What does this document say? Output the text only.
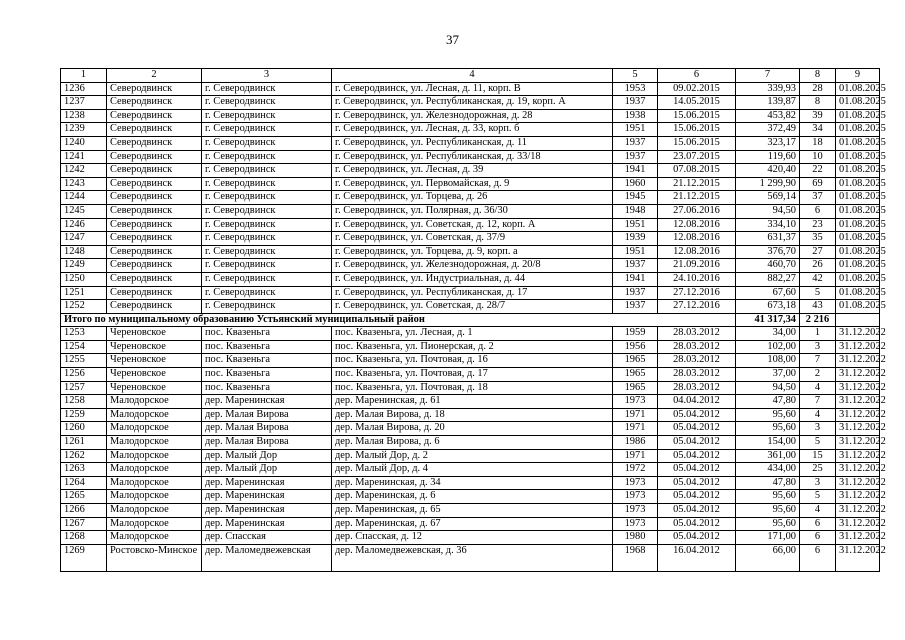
37
1	2	3	4	5	6	7	8	9
1236	Северодвинск	г. Северодвинск	г. Северодвинск, ул. Лесная, д. 11, корп. В	1953	09.02.2015	339,93	28	01.08.2025
1237	Северодвинск	г. Северодвинск	г. Северодвинск, ул. Республиканская, д. 19, корп. А	1937	14.05.2015	139,87	8	01.08.2025
1238	Северодвинск	г. Северодвинск	г. Северодвинск, ул. Железнодорожная, д. 28	1938	15.06.2015	453,82	39	01.08.2025
1239	Северодвинск	г. Северодвинск	г. Северодвинск, ул. Лесная, д. 33, корп. б	1951	15.06.2015	372,49	34	01.08.2025
1240	Северодвинск	г. Северодвинск	г. Северодвинск, ул. Республиканская, д. 11	1937	15.06.2015	323,17	18	01.08.2025
1241	Северодвинск	г. Северодвинск	г. Северодвинск, ул. Республиканская, д. 33/18	1937	23.07.2015	119,60	10	01.08.2025
1242	Северодвинск	г. Северодвинск	г. Северодвинск, ул. Лесная, д. 39	1941	07.08.2015	420,40	22	01.08.2025
1243	Северодвинск	г. Северодвинск	г. Северодвинск, ул. Первомайская, д. 9	1960	21.12.2015	1 299,90	69	01.08.2025
1244	Северодвинск	г. Северодвинск	г. Северодвинск, ул. Торцева, д. 26	1945	21.12.2015	569,14	37	01.08.2025
1245	Северодвинск	г. Северодвинск	г. Северодвинск, ул. Полярная, д. 36/30	1948	27.06.2016	94,50	6	01.08.2025
1246	Северодвинск	г. Северодвинск	г. Северодвинск, ул. Советская, д. 12, корп. А	1951	12.08.2016	334,10	23	01.08.2025
1247	Северодвинск	г. Северодвинск	г. Северодвинск, ул. Советская, д. 37/9	1939	12.08.2016	631,37	35	01.08.2025
1248	Северодвинск	г. Северодвинск	г. Северодвинск, ул. Торцева, д. 9, корп. а	1951	12.08.2016	376,70	27	01.08.2025
1249	Северодвинск	г. Северодвинск	г. Северодвинск, ул. Железнодорожная, д. 20/8	1937	21.09.2016	460,70	26	01.08.2025
1250	Северодвинск	г. Северодвинск	г. Северодвинск, ул. Индустриальная, д. 44	1941	24.10.2016	882,27	42	01.08.2025
1251	Северодвинск	г. Северодвинск	г. Северодвинск, ул. Республиканская, д. 17	1937	27.12.2016	67,60	5	01.08.2025
1252	Северодвинск	г. Северодвинск	г. Северодвинск, ул. Советская, д. 28/7	1937	27.12.2016	673,18	43	01.08.2025
Итого по муниципальному образованию Устьянский муниципальный район						41 317,34	2 216	
1253	Череновское	пос. Квазеньга	пос. Квазеньга, ул. Лесная, д. 1	1959	28.03.2012	34,00	1	31.12.2022
1254	Череновское	пос. Квазеньга	пос. Квазеньга, ул. Пионерская, д. 2	1956	28.03.2012	102,00	3	31.12.2022
1255	Череновское	пос. Квазеньга	пос. Квазеньга, ул. Почтовая, д. 16	1965	28.03.2012	108,00	7	31.12.2022
1256	Череновское	пос. Квазеньга	пос. Квазеньга, ул. Почтовая, д. 17	1965	28.03.2012	37,00	2	31.12.2022
1257	Череновское	пос. Квазеньга	пос. Квазеньга, ул. Почтовая, д. 18	1965	28.03.2012	94,50	4	31.12.2022
1258	Малодорское	дер. Маренинская	дер. Маренинская, д. 61	1973	04.04.2012	47,80	7	31.12.2022
1259	Малодорское	дер. Малая Вирова	дер. Малая Вирова, д. 18	1971	05.04.2012	95,60	4	31.12.2022
1260	Малодорское	дер. Малая Вирова	дер. Малая Вирова, д. 20	1971	05.04.2012	95,60	3	31.12.2022
1261	Малодорское	дер. Малая Вирова	дер. Малая Вирова, д. 6	1986	05.04.2012	154,00	5	31.12.2022
1262	Малодорское	дер. Малый Дор	дер. Малый Дор, д. 2	1971	05.04.2012	361,00	15	31.12.2022
1263	Малодорское	дер. Малый Дор	дер. Малый Дор, д. 4	1972	05.04.2012	434,00	25	31.12.2022
1264	Малодорское	дер. Маренинская	дер. Маренинская, д. 34	1973	05.04.2012	47,80	3	31.12.2022
1265	Малодорское	дер. Маренинская	дер. Маренинская, д. 6	1973	05.04.2012	95,60	5	31.12.2022
1266	Малодорское	дер. Маренинская	дер. Маренинская, д. 65	1973	05.04.2012	95,60	4	31.12.2022
1267	Малодорское	дер. Маренинская	дер. Маренинская, д. 67	1973	05.04.2012	95,60	6	31.12.2022
1268	Малодорское	дер. Спасская	дер. Спасская, д. 12	1980	05.04.2012	171,00	6	31.12.2022
1269	Ростовско-Минское	дер. Маломедвежевская	дер. Маломедвежевская, д. 36	1968	16.04.2012	66,00	6	31.12.2022
